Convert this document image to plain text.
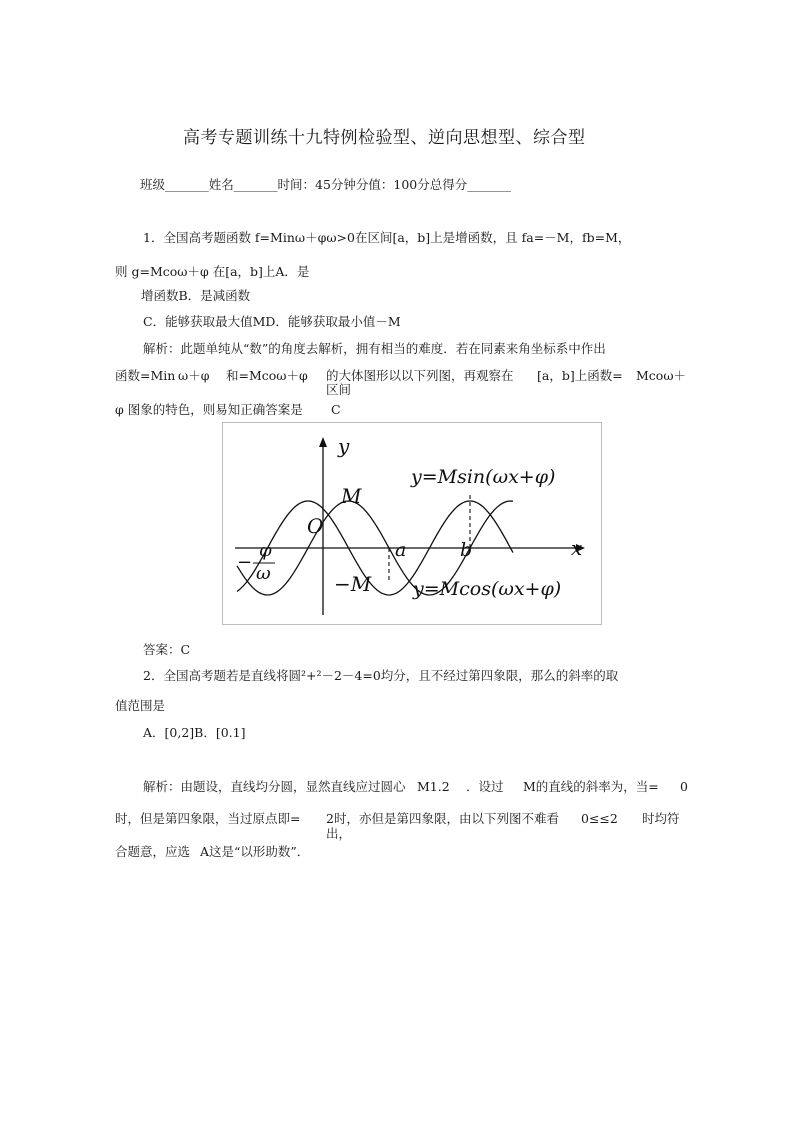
高考专题训练十九特例检验型、逆向思想型、综合型
班级_______姓名_______时间：45分钟分值：100分总得分_______
1．全国高考题函数 f=Minω＋φω>0在区间[a，b]上是增函数，且 fa=－M，fb=M，
则 g=Mcoω＋φ 在[a，b]上A．是
增函数B．是减函数
C．能够获取最大值MD．能够获取最小值－M
解析：此题单纯从“数”的角度去解析，拥有相当的难度．若在同素来角坐标系中作出
函数=Min ω＋φ 和=Mcoω＋φ 的大体图形以以下列图，再观察在
区间
[a，b]上函数= Mcoω＋
φ 图象的特色，则易知正确答案是 C
y
x
M
−M
O
a	b
φ
−
ω
y=Msin(ωx+φ)
y=Mcos(ωx+φ)
答案：C
2．全国高考题若是直线将圆²+²－2－4=0均分，且不经过第四象限，那么的斜率的取
值范围是
A．[0,2]B．[0.1]
解析：由题设，直线均分圆，显然直线应过圆心 M1.2 ．设过 M的直线的斜率为，当= 0
时，但是第四象限，当过原点即= 2时，亦但是第四象限，由以下列图不难看
出，
0≤≤2 时均符
合题意，应选 A这是“以形助数”．
